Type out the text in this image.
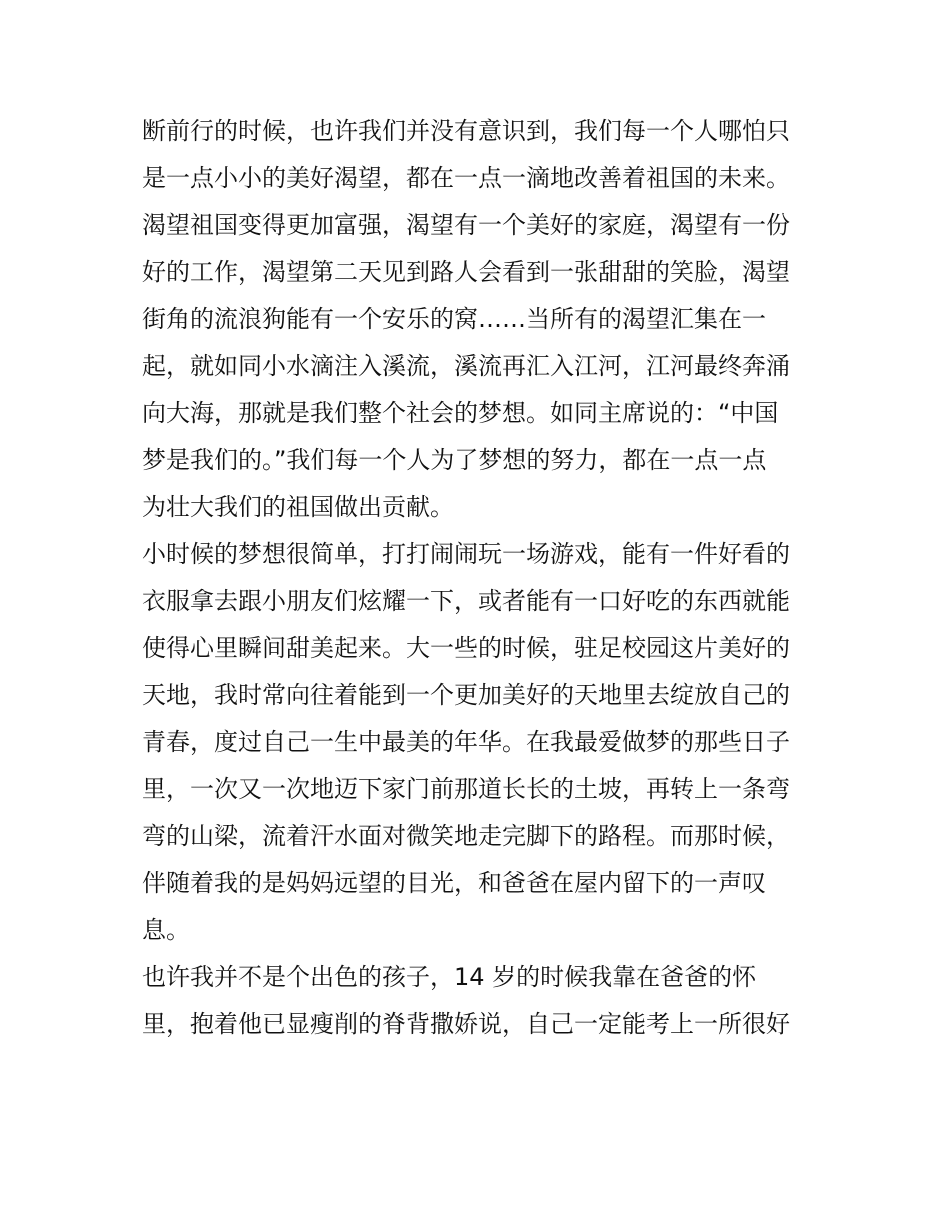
断前行的时候，也许我们并没有意识到，我们每一个人哪怕只
是一点小小的美好渴望，都在一点一滴地改善着祖国的未来。
渴望祖国变得更加富强，渴望有一个美好的家庭，渴望有一份
好的工作，渴望第二天见到路人会看到一张甜甜的笑脸，渴望
街角的流浪狗能有一个安乐的窝……当所有的渴望汇集在一
起，就如同小水滴注入溪流，溪流再汇入江河，江河最终奔涌
向大海，那就是我们整个社会的梦想。如同主席说的：“中国
梦是我们的。”我们每一个人为了梦想的努力，都在一点一点
为壮大我们的祖国做出贡献。
小时候的梦想很简单，打打闹闹玩一场游戏，能有一件好看的
衣服拿去跟小朋友们炫耀一下，或者能有一口好吃的东西就能
使得心里瞬间甜美起来。大一些的时候，驻足校园这片美好的
天地，我时常向往着能到一个更加美好的天地里去绽放自己的
青春，度过自己一生中最美的年华。在我最爱做梦的那些日子
里，一次又一次地迈下家门前那道长长的土坡，再转上一条弯
弯的山梁，流着汗水面对微笑地走完脚下的路程。而那时候，
伴随着我的是妈妈远望的目光，和爸爸在屋内留下的一声叹
息。
也许我并不是个出色的孩子，14 岁的时候我靠在爸爸的怀
里，抱着他已显瘦削的脊背撒娇说，自己一定能考上一所很好
